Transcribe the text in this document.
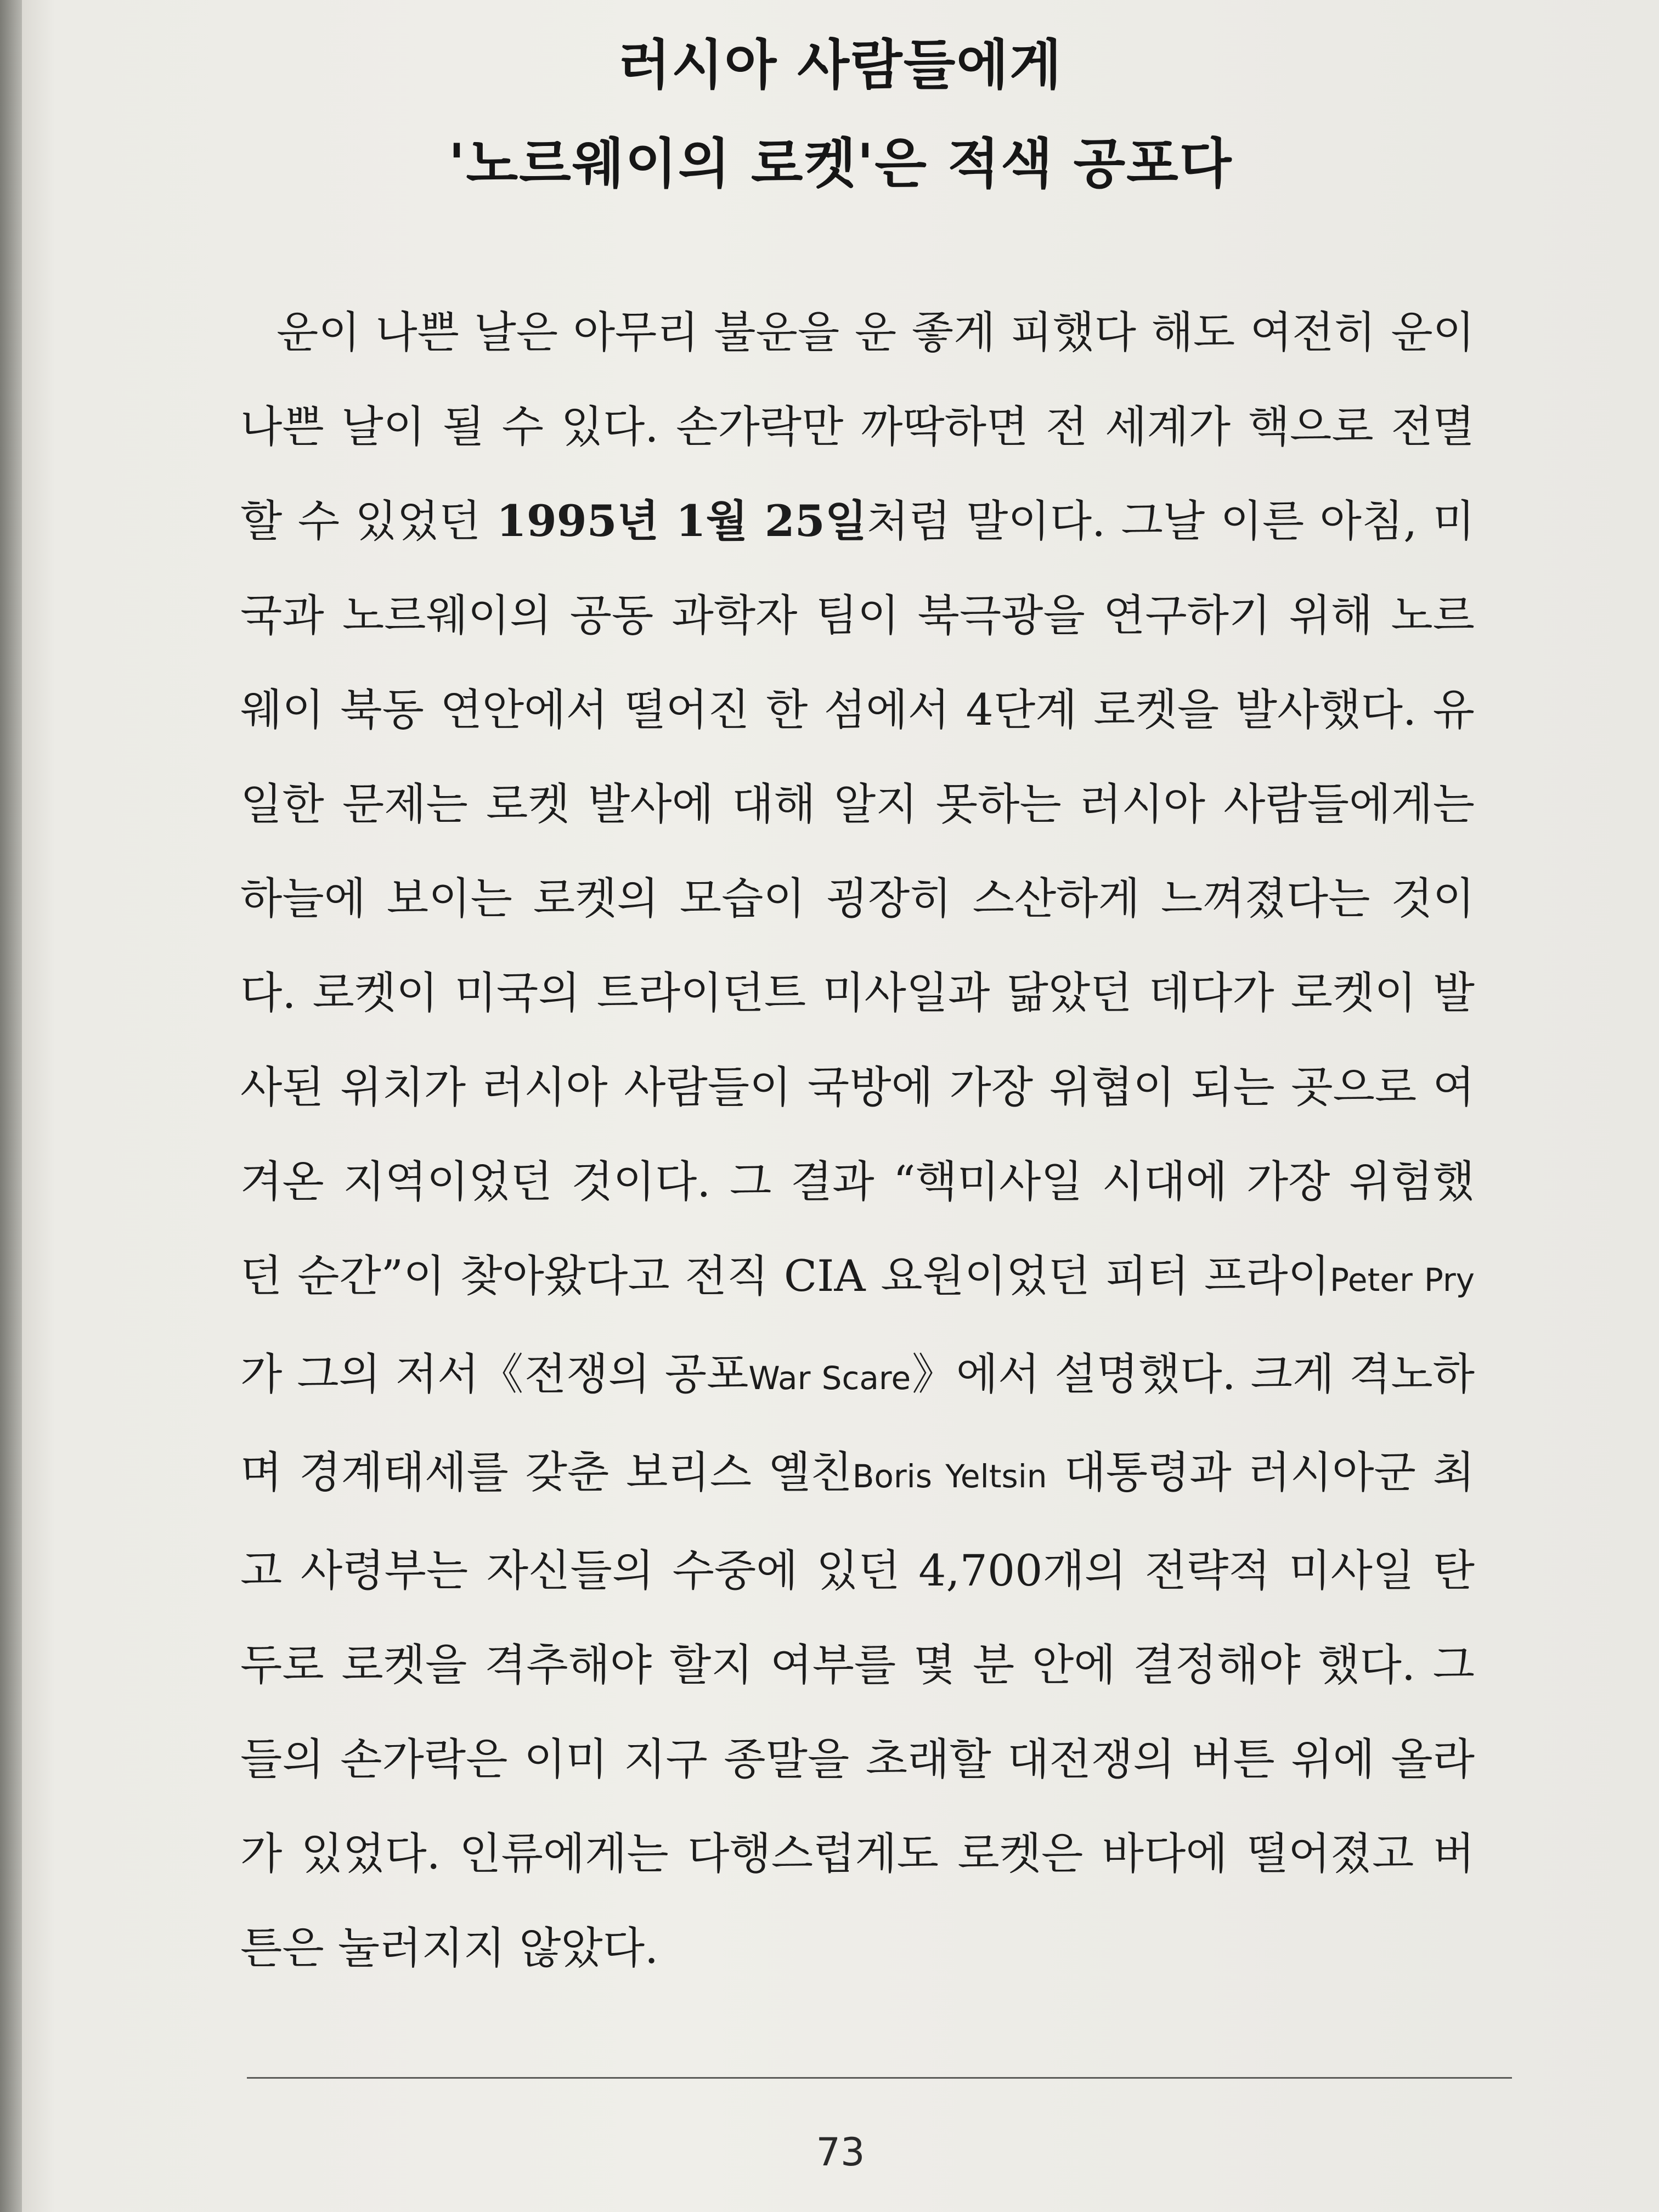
러시아 사람들에게
'노르웨이의 로켓'은 적색 공포다

운이 나쁜 날은 아무리 불운을 운 좋게 피했다 해도 여전히 운이 나쁜 날이 될 수 있다. 손가락만 까딱하면 전 세계가 핵으로 전멸할 수 있었던 1995년 1월 25일처럼 말이다. 그날 이른 아침, 미국과 노르웨이의 공동 과학자 팀이 북극광을 연구하기 위해 노르웨이 북동 연안에서 떨어진 한 섬에서 4단계 로켓을 발사했다. 유일한 문제는 로켓 발사에 대해 알지 못하는 러시아 사람들에게는 하늘에 보이는 로켓의 모습이 굉장히 스산하게 느껴졌다는 것이다. 로켓이 미국의 트라이던트 미사일과 닮았던 데다가 로켓이 발사된 위치가 러시아 사람들이 국방에 가장 위협이 되는 곳으로 여겨온 지역이었던 것이다. 그 결과 “핵미사일 시대에 가장 위험했던 순간”이 찾아왔다고 전직 CIA 요원이었던 피터 프라이Peter Pry가 그의 저서《전쟁의 공포War Scare》에서 설명했다. 크게 격노하며 경계태세를 갖춘 보리스 옐친Boris Yeltsin 대통령과 러시아군 최고 사령부는 자신들의 수중에 있던 4,700개의 전략적 미사일 탄두로 로켓을 격추해야 할지 여부를 몇 분 안에 결정해야 했다. 그들의 손가락은 이미 지구 종말을 초래할 대전쟁의 버튼 위에 올라가 있었다. 인류에게는 다행스럽게도 로켓은 바다에 떨어졌고 버튼은 눌러지지 않았다.

73
